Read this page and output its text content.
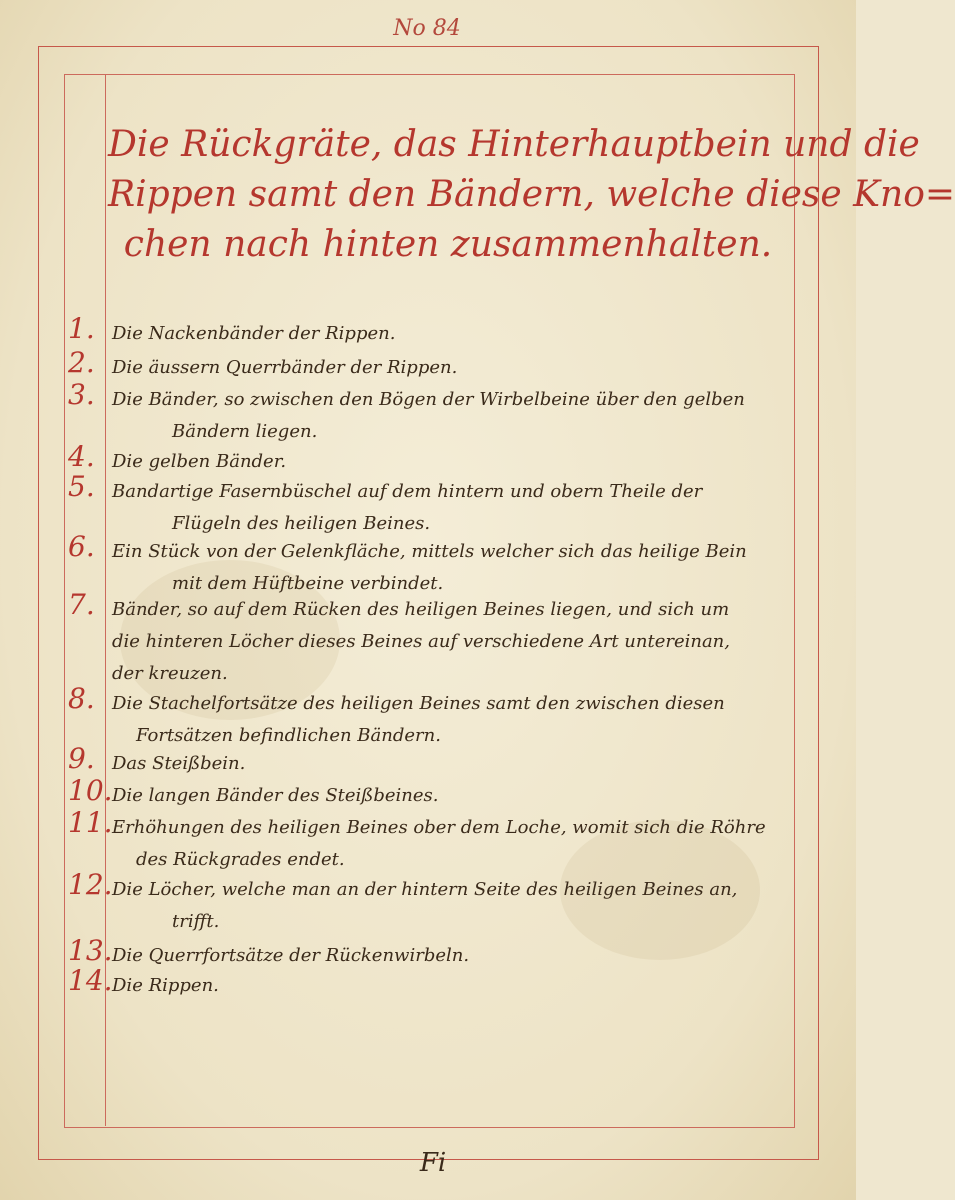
No 84
Die Rückgräte, das Hinterhauptbein und die
Rippen samt den Bändern, welche diese Kno=
chen nach hinten zusammenhalten.
1. Die Nackenbänder der Rippen.
2. Die äussern Querrbänder der Rippen.
3. Die Bänder, so zwischen den Bögen der Wirbelbeine über den gelben
Bändern liegen.
4. Die gelben Bänder.
5. Bandartige Fasernbüschel auf dem hintern und obern Theile der
Flügeln des heiligen Beines.
6. Ein Stück von der Gelenkfläche, mittels welcher sich das heilige Bein
mit dem Hüftbeine verbindet.
7. Bänder, so auf dem Rücken des heiligen Beines liegen, und sich um
die hinteren Löcher dieses Beines auf verschiedene Art untereinan,
der kreuzen.
8. Die Stachelfortsätze des heiligen Beines samt den zwischen diesen
Fortsätzen befindlichen Bändern.
9. Das Steißbein.
10. Die langen Bänder des Steißbeines.
11. Erhöhungen des heiligen Beines ober dem Loche, womit sich die Röhre
des Rückgrades endet.
12. Die Löcher, welche man an der hintern Seite des heiligen Beines an,
trifft.
13. Die Querrfortsätze der Rückenwirbeln.
14. Die Rippen.
Fi
